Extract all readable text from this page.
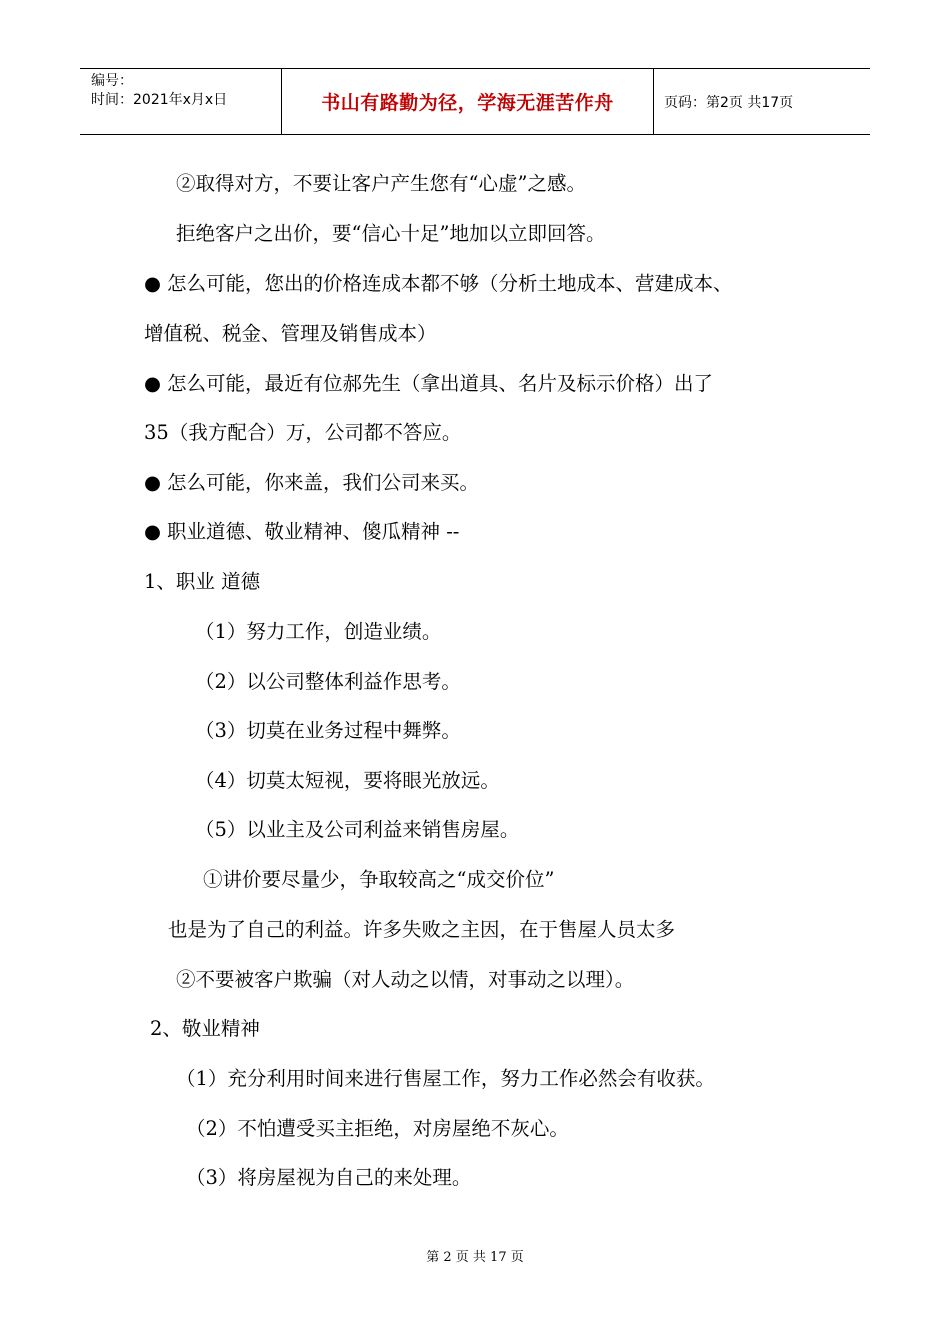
编号：
时间：2021年x月x日	书山有路勤为径，学海无涯苦作舟	页码：第2页 共17页
②取得对方，不要让客户产生您有“心虚”之感。
拒绝客户之出价，要“信心十足”地加以立即回答。
● 怎么可能，您出的价格连成本都不够（分析土地成本、营建成本、
增值税、税金、管理及销售成本）
● 怎么可能，最近有位郝先生（拿出道具、名片及标示价格）出了
35（我方配合）万，公司都不答应。
● 怎么可能，你来盖，我们公司来买。
● 职业道德、敬业精神、傻瓜精神 --
1、职业 道德
（1）努力工作，创造业绩。
（2）以公司整体利益作思考。
（3）切莫在业务过程中舞弊。
（4）切莫太短视，要将眼光放远。
（5）以业主及公司利益来销售房屋。
①讲价要尽量少，争取较高之“成交价位”
也是为了自己的利益。许多失败之主因，在于售屋人员太多
②不要被客户欺骗（对人动之以情，对事动之以理）。
2、敬业精神
（1）充分利用时间来进行售屋工作，努力工作必然会有收获。
（2）不怕遭受买主拒绝，对房屋绝不灰心。
（3）将房屋视为自己的来处理。
第 2 页 共 17 页
